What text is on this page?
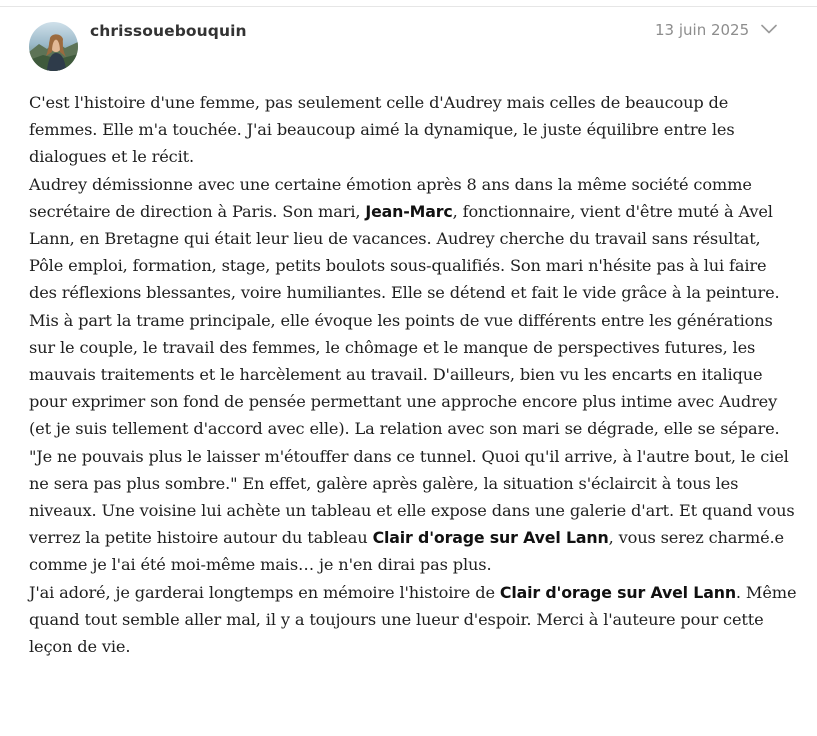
chrissouebouquin	13 juin 2025

C'est l'histoire d'une femme, pas seulement celle d'Audrey mais celles de beaucoup de femmes. Elle m'a touchée. J'ai beaucoup aimé la dynamique, le juste équilibre entre les dialogues et le récit.

Audrey démissionne avec une certaine émotion après 8 ans dans la même société comme secrétaire de direction à Paris. Son mari, Jean-Marc, fonctionnaire, vient d'être muté à Avel Lann, en Bretagne qui était leur lieu de vacances. Audrey cherche du travail sans résultat, Pôle emploi, formation, stage, petits boulots sous-qualifiés. Son mari n'hésite pas à lui faire des réflexions blessantes, voire humiliantes. Elle se détend et fait le vide grâce à la peinture.

Mis à part la trame principale, elle évoque les points de vue différents entre les générations sur le couple, le travail des femmes, le chômage et le manque de perspectives futures, les mauvais traitements et le harcèlement au travail. D'ailleurs, bien vu les encarts en italique pour exprimer son fond de pensée permettant une approche encore plus intime avec Audrey (et je suis tellement d'accord avec elle). La relation avec son mari se dégrade, elle se sépare. "Je ne pouvais plus le laisser m'étouffer dans ce tunnel. Quoi qu'il arrive, à l'autre bout, le ciel ne sera pas plus sombre." En effet, galère après galère, la situation s'éclaircit à tous les niveaux. Une voisine lui achète un tableau et elle expose dans une galerie d'art. Et quand vous verrez la petite histoire autour du tableau Clair d'orage sur Avel Lann, vous serez charmé.e comme je l'ai été moi-même mais… je n'en dirai pas plus.

J'ai adoré, je garderai longtemps en mémoire l'histoire de Clair d'orage sur Avel Lann. Même quand tout semble aller mal, il y a toujours une lueur d'espoir. Merci à l'auteure pour cette leçon de vie.
